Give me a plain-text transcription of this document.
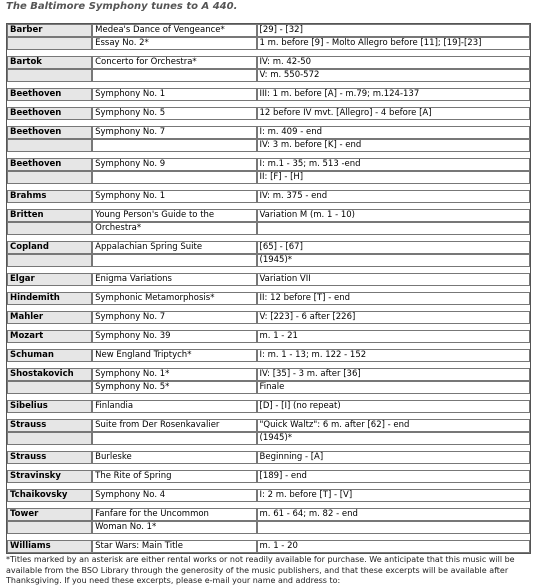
The Baltimore Symphony tunes to A 440.
Barber	Medea's Dance of Vengeance*	[29] - [32]
	Essay No. 2*	1 m. before [9] - Molto Allegro before [11]; [19]-[23]

Bartok	Concerto for Orchestra*	IV: m. 42-50
		V: m. 550-572

Beethoven	Symphony No. 1	III: 1 m. before [A] - m.79; m.124-137

Beethoven	Symphony No. 5	12 before IV mvt. [Allegro] - 4 before [A]

Beethoven	Symphony No. 7	I: m. 409 - end
		IV: 3 m. before [K] - end

Beethoven	Symphony No. 9	I: m.1 - 35; m. 513 -end
		II: [F] - [H]

Brahms	Symphony No. 1	IV: m. 375 - end

Britten	Young Person's Guide to the	Variation M (m. 1 - 10)
	Orchestra*	

Copland	Appalachian Spring Suite	[65] - [67]
		(1945)*

Elgar	Enigma Variations	Variation VII

Hindemith	Symphonic Metamorphosis*	II: 12 before [T] - end

Mahler	Symphony No. 7	V: [223] - 6 after [226]

Mozart	Symphony No. 39	m. 1 - 21

Schuman	New England Triptych*	I: m. 1 - 13; m. 122 - 152

Shostakovich	Symphony No. 1*	IV: [35] - 3 m. after [36]
	Symphony No. 5*	Finale

Sibelius	Finlandia	[D] - [I] (no repeat)

Strauss	Suite from Der Rosenkavalier	"Quick Waltz": 6 m. after [62] - end
		(1945)*

Strauss	Burleske	Beginning - [A]

Stravinsky	The Rite of Spring	[189] - end

Tchaikovsky	Symphony No. 4	I: 2 m. before [T] - [V]

Tower	Fanfare for the Uncommon	m. 61 - 64; m. 82 - end
	Woman No. 1*	

Williams	Star Wars: Main Title	m. 1 - 20
*Titles marked by an asterisk are either rental works or not readily available for purchase. We anticipate that this music will be available from the BSO Library through the generosity of the music publishers, and that these excerpts will be available after Thanksgiving. If you need these excerpts, please e-mail your name and address to:
